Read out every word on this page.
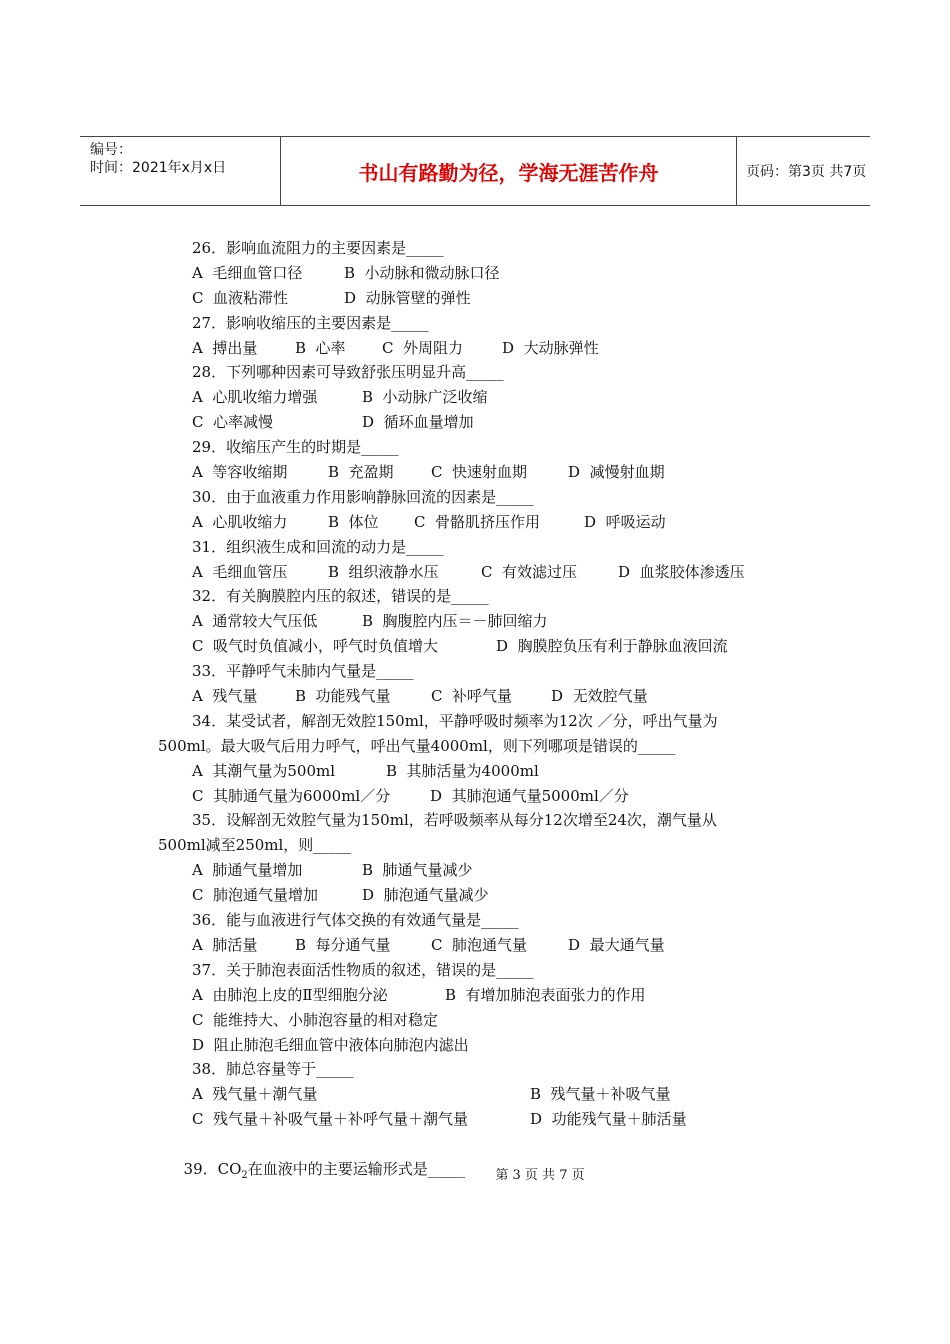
编号：
时间：2021年x月x日	书山有路勤为径，学海无涯苦作舟	页码：第3页 共7页
26．影响血流阻力的主要因素是_____
A  毛细血管口径	B  小动脉和微动脉口径
C  血液粘滞性	D  动脉管壁的弹性
27．影响收缩压的主要因素是_____
A  搏出量	B  心率 C  外周阻力	D  大动脉弹性
28．下列哪种因素可导致舒张压明显升高_____
A  心肌收缩力增强	B  小动脉广泛收缩
C  心率减慢	D  循环血量增加
29．收缩压产生的时期是_____
A  等容收缩期	B  充盈期 C  快速射血期	D  减慢射血期
30．由于血液重力作用影响静脉回流的因素是_____
A  心肌收缩力	B  体位 C  骨骼肌挤压作用	D  呼吸运动
31．组织液生成和回流的动力是_____
A  毛细血管压	B  组织液静水压	C  有效滤过压	D  血浆胶体渗透压
32．有关胸膜腔内压的叙述，错误的是_____
A  通常较大气压低	B  胸腹腔内压＝－肺回缩力
C  吸气时负值减小，呼气时负值增大	D  胸膜腔负压有利于静脉血液回流
33．平静呼气未肺内气量是_____
A  残气量	B  功能残气量	C  补呼气量	D  无效腔气量
34．某受试者，解剖无效腔150ml，平静呼吸时频率为12次 ／分，呼出气量为
500ml。最大吸气后用力呼气，呼出气量4000ml，则下列哪项是错误的_____
A  其潮气量为500ml	B  其肺活量为4000ml
C  其肺通气量为6000ml／分	D  其肺泡通气量5000ml／分
35．设解剖无效腔气量为150ml，若呼吸频率从每分12次增至24次，潮气量从
500ml减至250ml，则_____
A  肺通气量增加	B  肺通气量减少
C  肺泡通气量增加	D  肺泡通气量减少
36．能与血液进行气体交换的有效通气量是_____
A  肺活量	B  每分通气量	C  肺泡通气量	D  最大通气量
37．关于肺泡表面活性物质的叙述，错误的是_____
A  由肺泡上皮的Ⅱ型细胞分泌	B  有增加肺泡表面张力的作用
C  能维持大、小肺泡容量的相对稳定
D  阻止肺泡毛细血管中液体向肺泡内滤出
38．肺总容量等于_____
A  残气量＋潮气量	B  残气量＋补吸气量
C  残气量＋补吸气量＋补呼气量＋潮气量	D  功能残气量＋肺活量

39．$CO_2$在血液中的主要运输形式是_____	第 3 页 共 7 页
